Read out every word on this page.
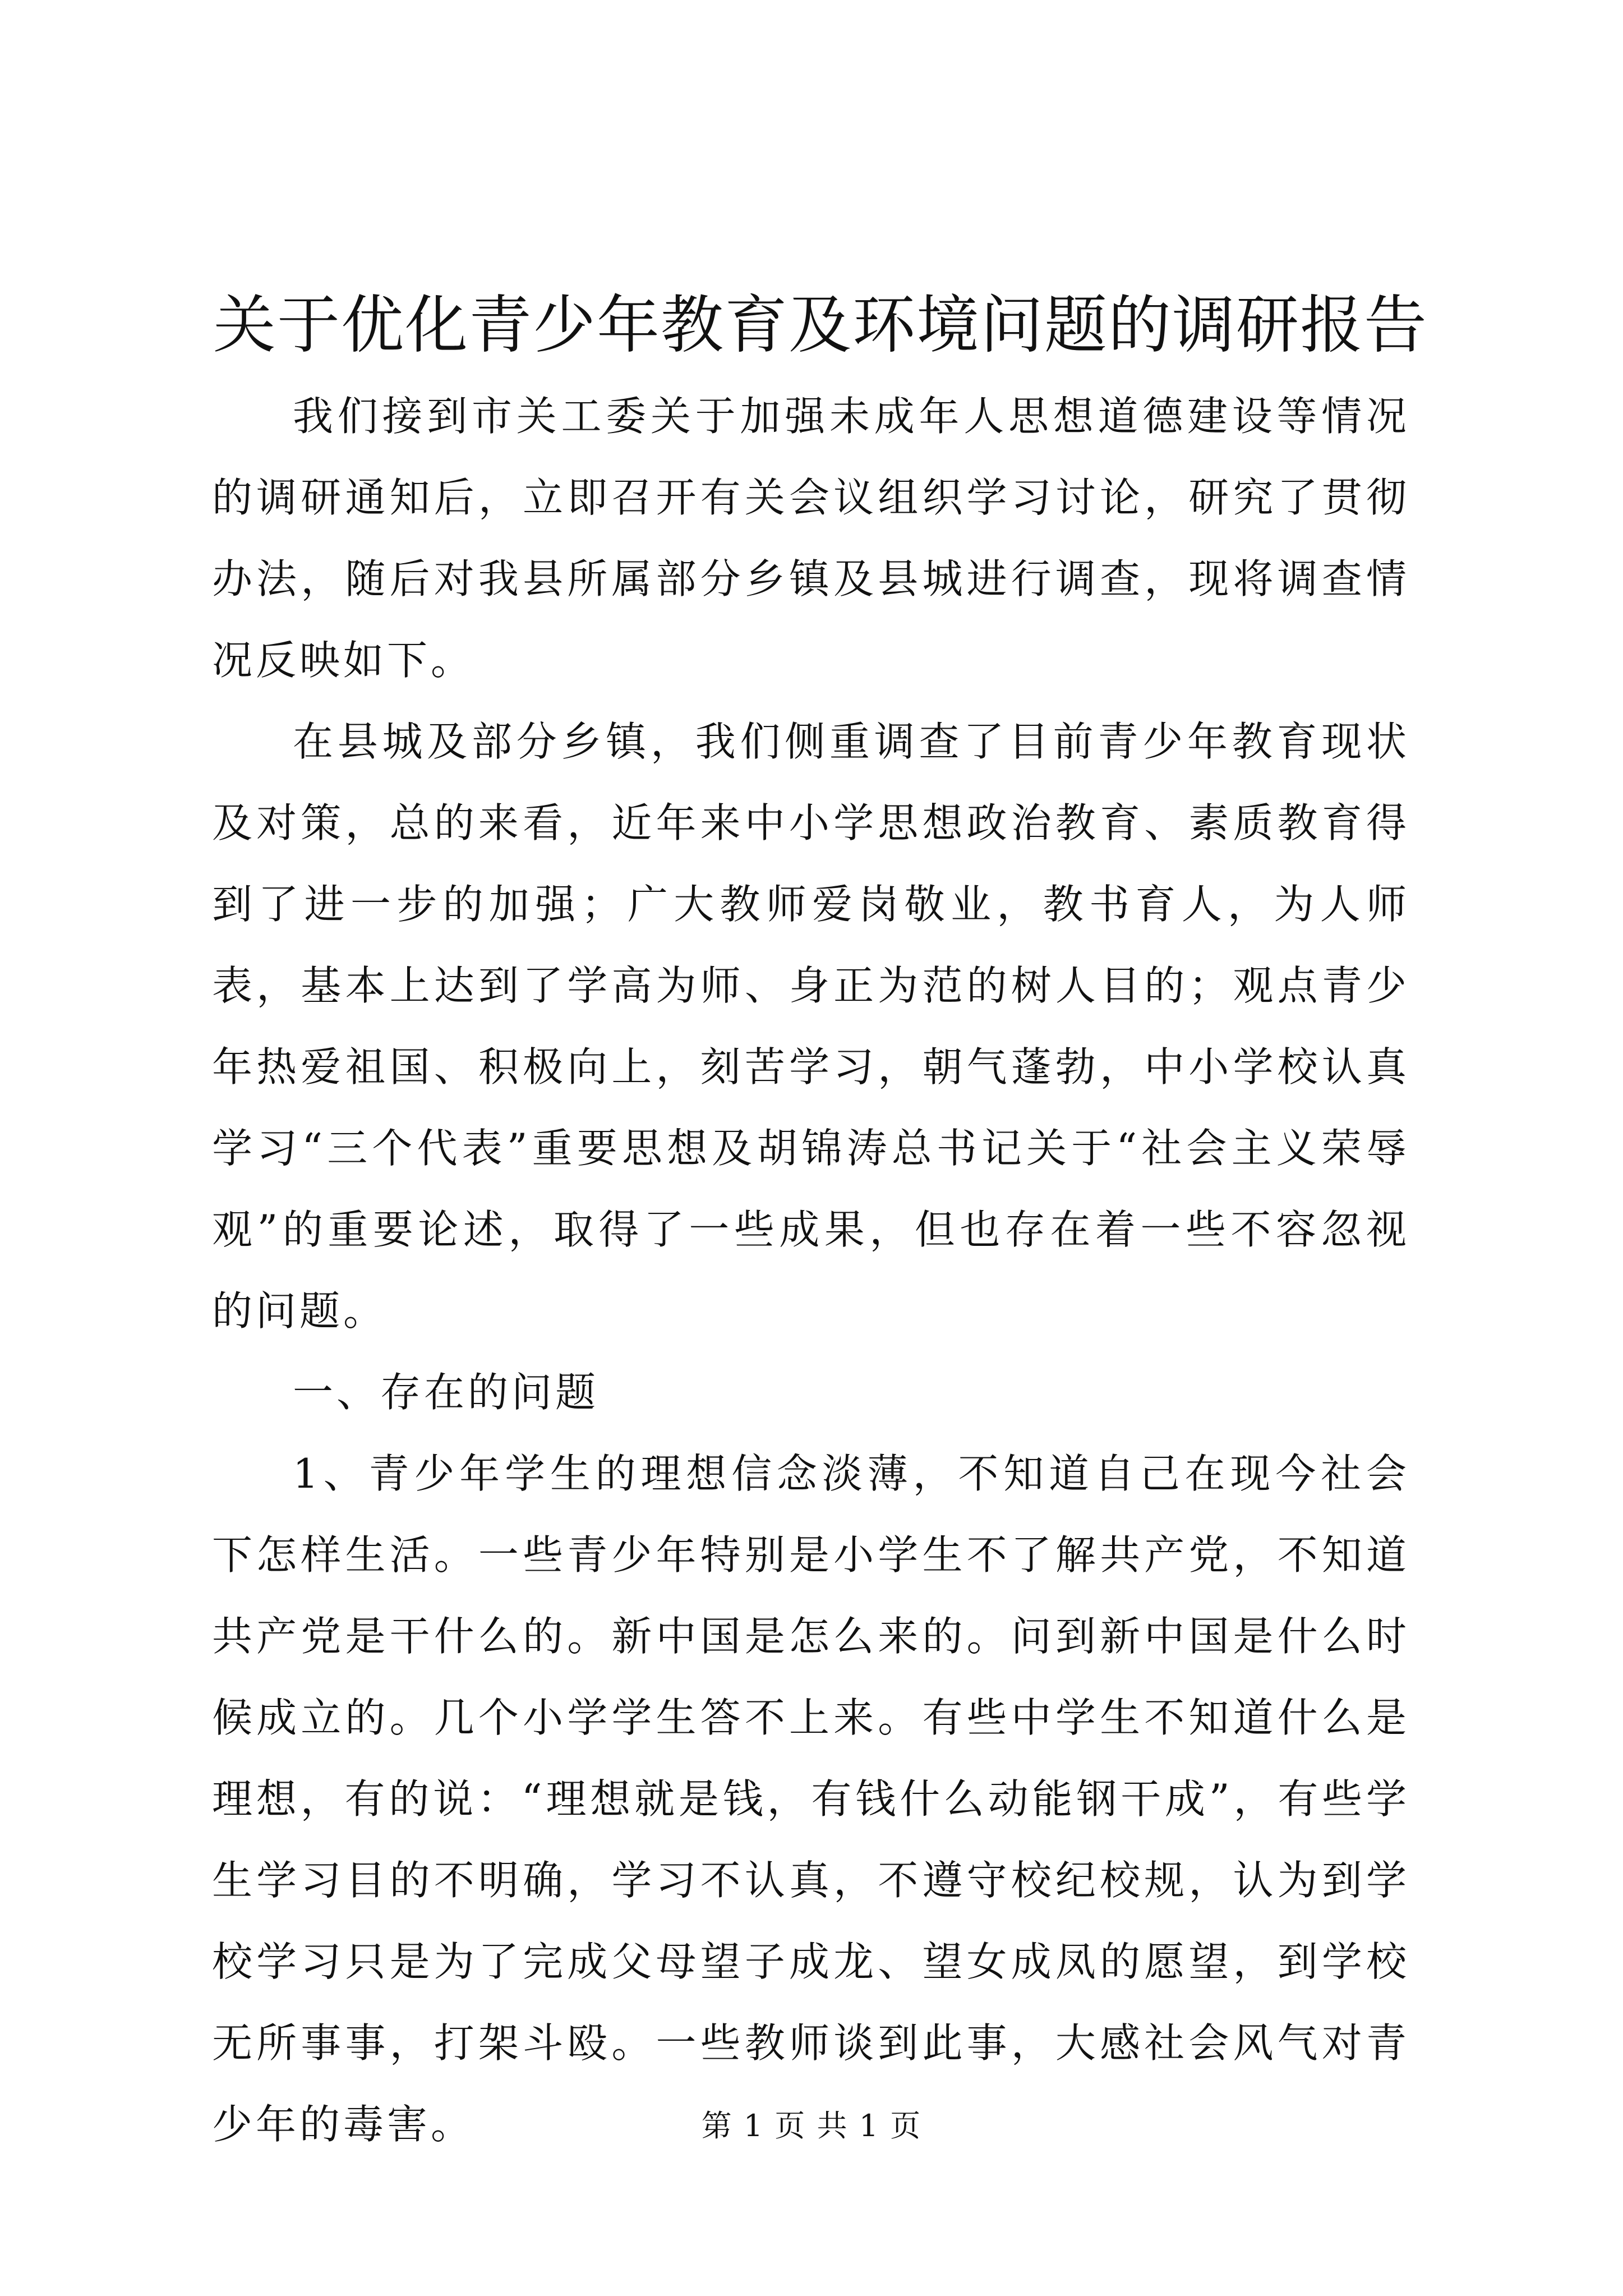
关于优化青少年教育及环境问题的调研报告

我们接到市关工委关于加强未成年人思想道德建设等情况的调研通知后，立即召开有关会议组织学习讨论，研究了贯彻办法，随后对我县所属部分乡镇及县城进行调查，现将调查情况反映如下。

在县城及部分乡镇，我们侧重调查了目前青少年教育现状及对策，总的来看，近年来中小学思想政治教育、素质教育得到了进一步的加强；广大教师爱岗敬业，教书育人，为人师表，基本上达到了学高为师、身正为范的树人目的；观点青少年热爱祖国、积极向上，刻苦学习，朝气蓬勃，中小学校认真学习“三个代表”重要思想及胡锦涛总书记关于“社会主义荣辱观”的重要论述，取得了一些成果，但也存在着一些不容忽视的问题。

一、存在的问题

1、青少年学生的理想信念淡薄，不知道自己在现今社会下怎样生活。一些青少年特别是小学生不了解共产党，不知道共产党是干什么的。新中国是怎么来的。问到新中国是什么时候成立的。几个小学学生答不上来。有些中学生不知道什么是理想，有的说：“理想就是钱，有钱什么动能钢干成”，有些学生学习目的不明确，学习不认真，不遵守校纪校规，认为到学校学习只是为了完成父母望子成龙、望女成凤的愿望，到学校无所事事，打架斗殴。一些教师谈到此事，大感社会风气对青少年的毒害。	第 1 页 共 1 页
